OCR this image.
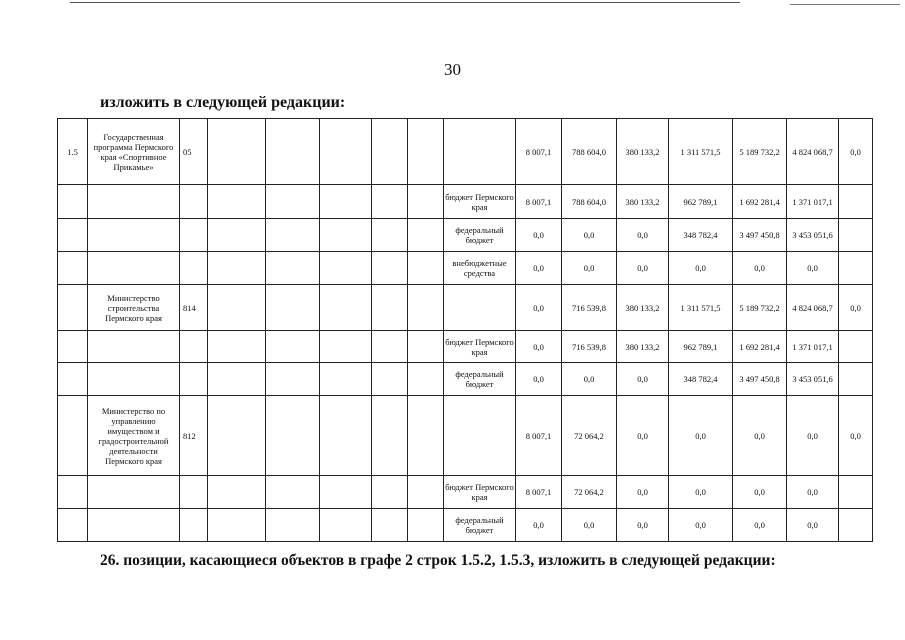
30
изложить в следующей редакции:
1.5	Государственная программа Пермского края «Спортивное Прикамье»	05							8 007,1	788 604,0	380 133,2	1 311 571,5	5 189 732,2	4 824 068,7	0,0
								бюджет Пермского края	8 007,1	788 604,0	380 133,2	962 789,1	1 692 281,4	1 371 017,1	
								федеральный бюджет	0,0	0,0	0,0	348 782,4	3 497 450,8	3 453 051,6	
								внебюджетные средства	0,0	0,0	0,0	0,0	0,0	0,0	
	Министерство строительства Пермского края	814							0,0	716 539,8	380 133,2	1 311 571,5	5 189 732,2	4 824 068,7	0,0
								бюджет Пермского края	0,0	716 539,8	380 133,2	962 789,1	1 692 281,4	1 371 017,1	
								федеральный бюджет	0,0	0,0	0,0	348 782,4	3 497 450,8	3 453 051,6	
	Министерство по управлению имуществом и градостроительной деятельности Пермского края	812							8 007,1	72 064,2	0,0	0,0	0,0	0,0	0,0
								бюджет Пермского края	8 007,1	72 064,2	0,0	0,0	0,0	0,0	
								федеральный бюджет	0,0	0,0	0,0	0,0	0,0	0,0	
26. позиции, касающиеся объектов в графе 2 строк 1.5.2, 1.5.3, изложить в следующей редакции:
